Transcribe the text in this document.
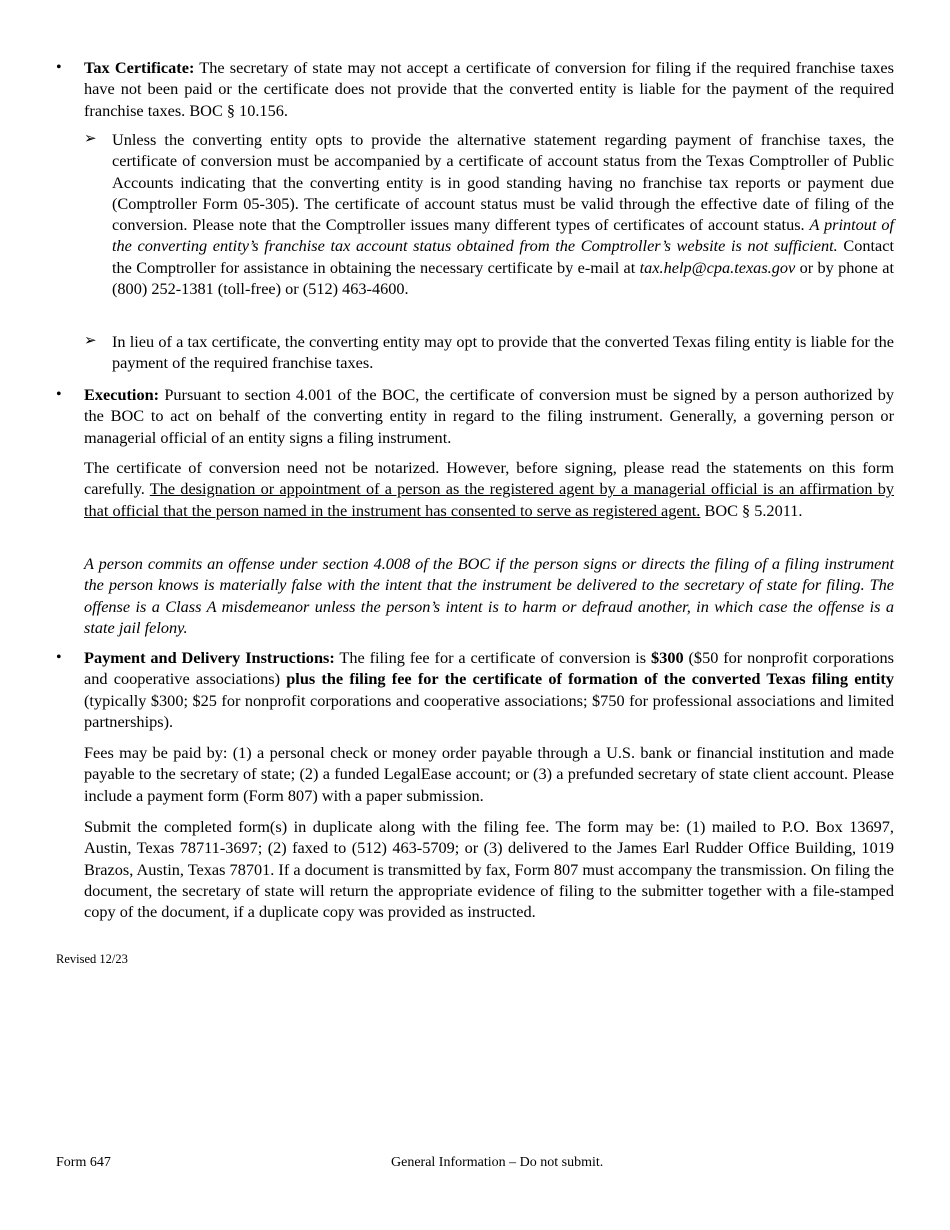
•	Tax Certificate: The secretary of state may not accept a certificate of conversion for filing if the required franchise taxes have not been paid or the certificate does not provide that the converted entity is liable for the payment of the required franchise taxes. BOC § 10.156.
➢ Unless the converting entity opts to provide the alternative statement regarding payment of franchise taxes, the certificate of conversion must be accompanied by a certificate of account status from the Texas Comptroller of Public Accounts indicating that the converting entity is in good standing having no franchise tax reports or payment due (Comptroller Form 05-305). The certificate of account status must be valid through the effective date of filing of the conversion. Please note that the Comptroller issues many different types of certificates of account status. A printout of the converting entity’s franchise tax account status obtained from the Comptroller’s website is not sufficient. Contact the Comptroller for assistance in obtaining the necessary certificate by e-mail at tax.help@cpa.texas.gov or by phone at (800) 252-1381 (toll-free) or (512) 463-4600.
➢ In lieu of a tax certificate, the converting entity may opt to provide that the converted Texas filing entity is liable for the payment of the required franchise taxes.
•	Execution: Pursuant to section 4.001 of the BOC, the certificate of conversion must be signed by a person authorized by the BOC to act on behalf of the converting entity in regard to the filing instrument. Generally, a governing person or managerial official of an entity signs a filing instrument.

The certificate of conversion need not be notarized. However, before signing, please read the statements on this form carefully. The designation or appointment of a person as the registered agent by a managerial official is an affirmation by that official that the person named in the instrument has consented to serve as registered agent. BOC § 5.2011.

A person commits an offense under section 4.008 of the BOC if the person signs or directs the filing of a filing instrument the person knows is materially false with the intent that the instrument be delivered to the secretary of state for filing. The offense is a Class A misdemeanor unless the person’s intent is to harm or defraud another, in which case the offense is a state jail felony.

•	Payment and Delivery Instructions: The filing fee for a certificate of conversion is $300 ($50 for nonprofit corporations and cooperative associations) plus the filing fee for the certificate of formation of the converted Texas filing entity (typically $300; $25 for nonprofit corporations and cooperative associations; $750 for professional associations and limited partnerships).

Fees may be paid by: (1) a personal check or money order payable through a U.S. bank or financial institution and made payable to the secretary of state; (2) a funded LegalEase account; or (3) a prefunded secretary of state client account. Please include a payment form (Form 807) with a paper submission.

Submit the completed form(s) in duplicate along with the filing fee. The form may be: (1) mailed to P.O. Box 13697, Austin, Texas 78711-3697; (2) faxed to (512) 463-5709; or (3) delivered to the James Earl Rudder Office Building, 1019 Brazos, Austin, Texas 78701. If a document is transmitted by fax, Form 807 must accompany the transmission. On filing the document, the secretary of state will return the appropriate evidence of filing to the submitter together with a file-stamped copy of the document, if a duplicate copy was provided as instructed.

Revised 12/23
Form 647	General Information – Do not submit.
